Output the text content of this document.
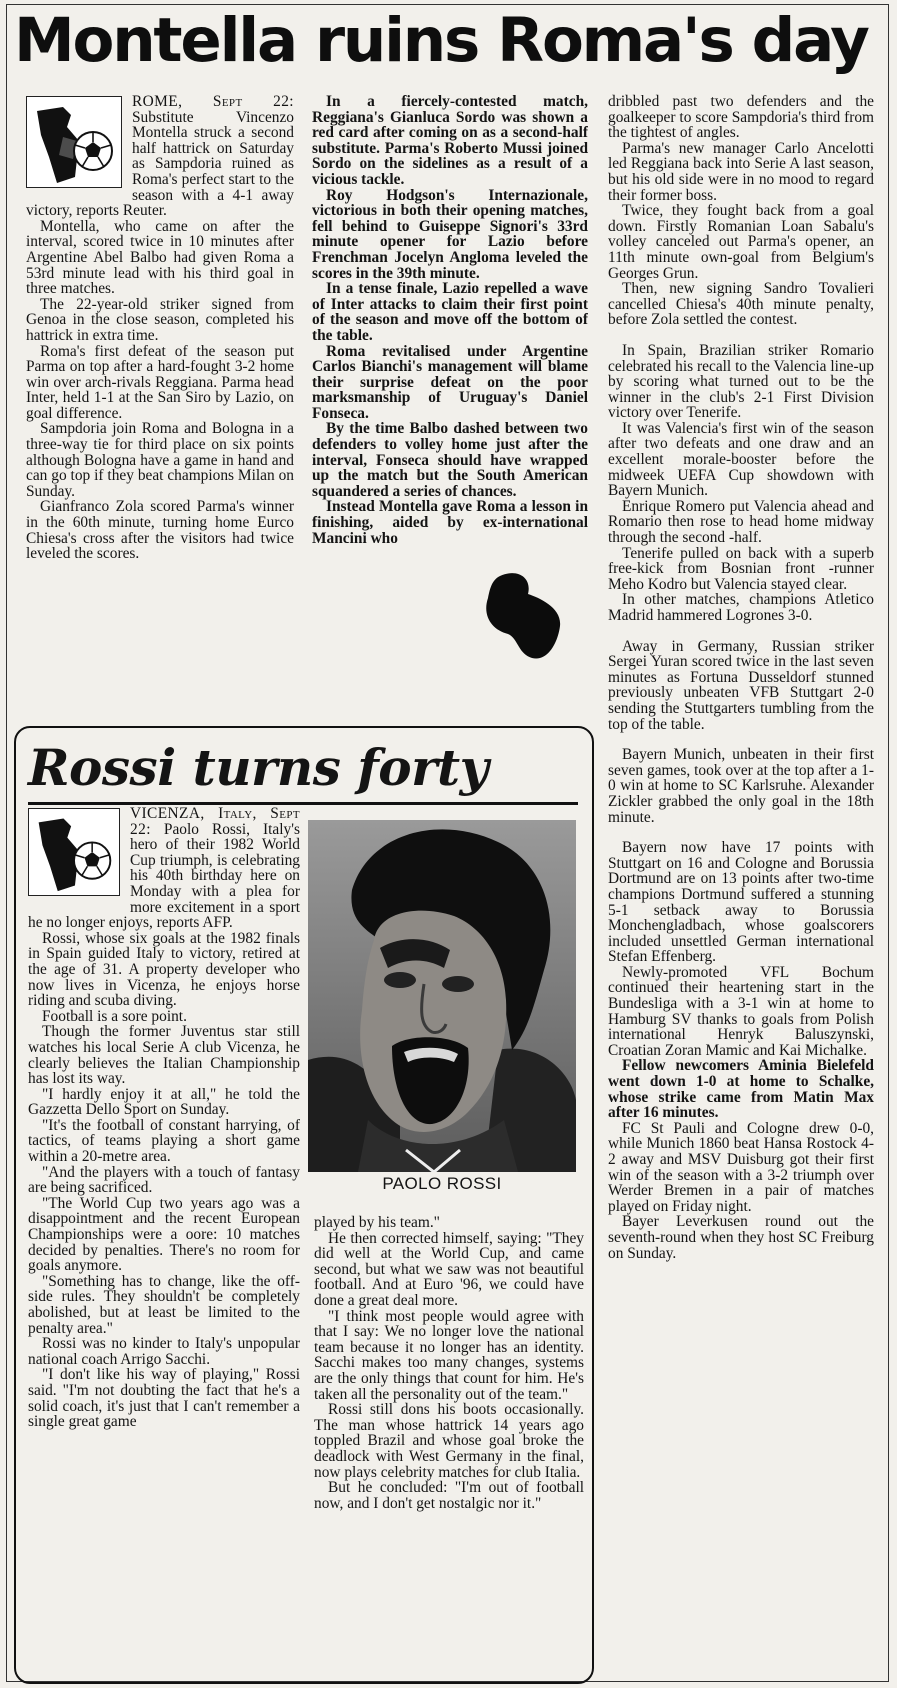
Montella ruins Roma's day

ROME, Sept 22: Substitute Vincenzo Montella struck a second half hattrick on Saturday as Sampdoria ruined as Roma's perfect start to the season with a 4-1 away victory, reports Reuter.

Montella, who came on after the interval, scored twice in 10 minutes after Argentine Abel Balbo had given Roma a 53rd minute lead with his third goal in three matches.

The 22-year-old striker signed from Genoa in the close season, completed his hattrick in extra time.

Roma's first defeat of the season put Parma on top after a hard-fought 3-2 home win over arch-rivals Reggiana. Parma head Inter, held 1-1 at the San Siro by Lazio, on goal difference.

Sampdoria join Roma and Bologna in a three-way tie for third place on six points although Bologna have a game in hand and can go top if they beat champions Milan on Sunday.

Gianfranco Zola scored Parma's winner in the 60th minute, turning home Eurco Chiesa's cross after the visitors had twice leveled the scores.

In a fiercely-contested match, Reggiana's Gianluca Sordo was shown a red card after coming on as a second-half substitute. Parma's Roberto Mussi joined Sordo on the sidelines as a result of a vicious tackle.

Roy Hodgson's Internazionale, victorious in both their opening matches, fell behind to Guiseppe Signori's 33rd minute opener for Lazio before Frenchman Jocelyn Angloma leveled the scores in the 39th minute.

In a tense finale, Lazio repelled a wave of Inter attacks to claim their first point of the season and move off the bottom of the table.

Roma revitalised under Argentine Carlos Bianchi's management will blame their surprise defeat on the poor marksmanship of Uruguay's Daniel Fonseca.

By the time Balbo dashed between two defenders to volley home just after the interval, Fonseca should have wrapped up the match but the South American squandered a series of chances.

Instead Montella gave Roma a lesson in finishing, aided by ex-international Mancini who

dribbled past two defenders and the goalkeeper to score Sampdoria's third from the tightest of angles.

Parma's new manager Carlo Ancelotti led Reggiana back into Serie A last season, but his old side were in no mood to regard their former boss.

Twice, they fought back from a goal down. Firstly Romanian Loan Sabalu's volley canceled out Parma's opener, an 11th minute own-goal from Belgium's Georges Grun.

Then, new signing Sandro Tovalieri cancelled Chiesa's 40th minute penalty, before Zola settled the contest.

In Spain, Brazilian striker Romario celebrated his recall to the Valencia line-up by scoring what turned out to be the winner in the club's 2-1 First Division victory over Tenerife.

It was Valencia's first win of the season after two defeats and one draw and an excellent morale-booster before the midweek UEFA Cup showdown with Bayern Munich.

Enrique Romero put Valencia ahead and Romario then rose to head home midway through the second -half.

Tenerife pulled on back with a superb free-kick from Bosnian front -runner Meho Kodro but Valencia stayed clear.

In other matches, champions Atletico Madrid hammered Logrones 3-0.

Away in Germany, Russian striker Sergei Yuran scored twice in the last seven minutes as Fortuna Dusseldorf stunned previously unbeaten VFB Stuttgart 2-0 sending the Stuttgarters tumbling from the top of the table.

Bayern Munich, unbeaten in their first seven games, took over at the top after a 1-0 win at home to SC Karlsruhe. Alexander Zickler grabbed the only goal in the 18th minute.

Bayern now have 17 points with Stuttgart on 16 and Cologne and Borussia Dortmund are on 13 points after two-time champions Dortmund suffered a stunning 5-1 setback away to Borussia Monchengladbach, whose goalscorers included unsettled German international Stefan Effenberg.

Newly-promoted VFL Bochum continued their heartening start in the Bundesliga with a 3-1 win at home to Hamburg SV thanks to goals from Polish international Henryk Baluszynski, Croatian Zoran Mamic and Kai Michalke.

Fellow newcomers Aminia Bielefeld went down 1-0 at home to Schalke, whose strike came from Matin Max after 16 minutes.

FC St Pauli and Cologne drew 0-0, while Munich 1860 beat Hansa Rostock 4-2 away and MSV Duisburg got their first win of the season with a 3-2 triumph over Werder Bremen in a pair of matches played on Friday night.

Bayer Leverkusen round out the seventh-round when they host SC Freiburg on Sunday.

Rossi turns forty

VICENZA, Italy, Sept 22: Paolo Rossi, Italy's hero of their 1982 World Cup triumph, is celebrating his 40th birthday here on Monday with a plea for more excitement in a sport he no longer enjoys, reports AFP.

Rossi, whose six goals at the 1982 finals in Spain guided Italy to victory, retired at the age of 31. A property developer who now lives in Vicenza, he enjoys horse riding and scuba diving.

Football is a sore point.

Though the former Juventus star still watches his local Serie A club Vicenza, he clearly believes the Italian Championship has lost its way.

"I hardly enjoy it at all," he told the Gazzetta Dello Sport on Sunday.

"It's the football of constant harrying, of tactics, of teams playing a short game within a 20-metre area.

"And the players with a touch of fantasy are being sacrificed.

"The World Cup two years ago was a disappointment and the recent European Championships were a oore: 10 matches decided by penalties. There's no room for goals anymore.

"Something has to change, like the off-side rules. They shouldn't be completely abolished, but at least be limited to the penalty area."

Rossi was no kinder to Italy's unpopular national coach Arrigo Sacchi.

"I don't like his way of playing," Rossi said. "I'm not doubting the fact that he's a solid coach, it's just that I can't remember a single great game

PAOLO ROSSI

played by his team."

He then corrected himself, saying: "They did well at the World Cup, and came second, but what we saw was not beautiful football. And at Euro '96, we could have done a great deal more.

"I think most people would agree with that I say: We no longer love the national team because it no longer has an identity. Sacchi makes too many changes, systems are the only things that count for him. He's taken all the personality out of the team."

Rossi still dons his boots occasionally. The man whose hattrick 14 years ago toppled Brazil and whose goal broke the deadlock with West Germany in the final, now plays celebrity matches for club Italia.

But he concluded: "I'm out of football now, and I don't get nostalgic nor it."
